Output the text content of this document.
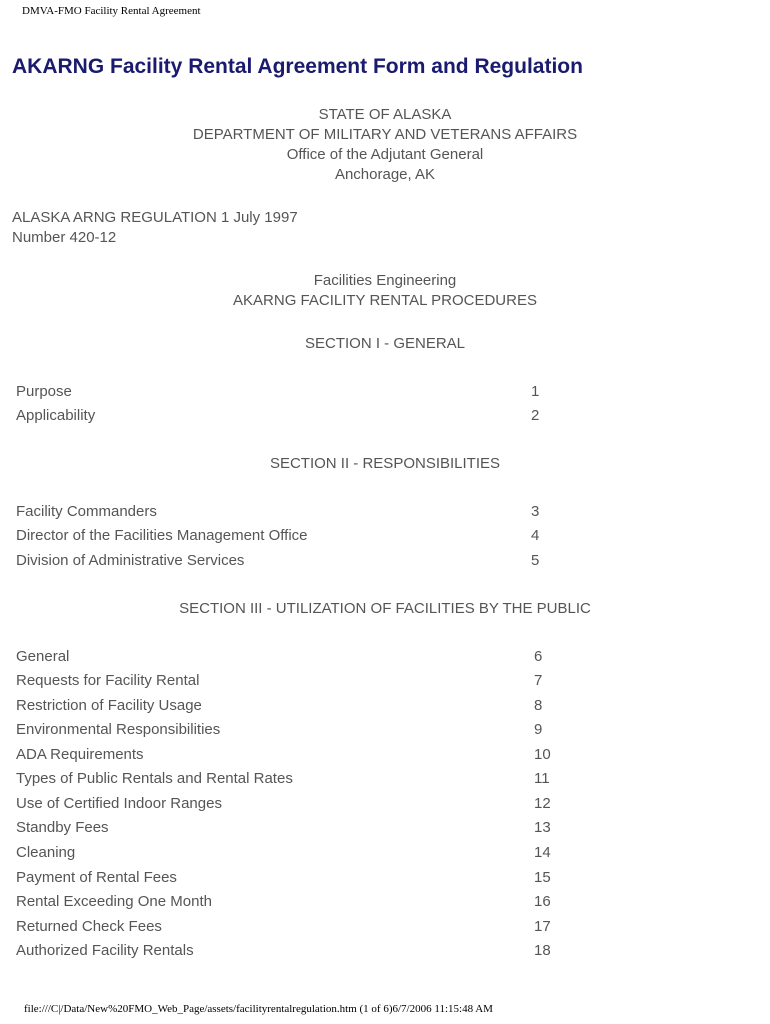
DMVA-FMO Facility Rental Agreement
AKARNG Facility Rental Agreement Form and Regulation
STATE OF ALASKA
DEPARTMENT OF MILITARY AND VETERANS AFFAIRS
Office of the Adjutant General
Anchorage, AK
ALASKA ARNG REGULATION 1 July 1997
Number 420-12
Facilities Engineering
AKARNG FACILITY RENTAL PROCEDURES
SECTION I - GENERAL
Purpose	1
Applicability	2
SECTION II - RESPONSIBILITIES
Facility Commanders	3
Director of the Facilities Management Office	4
Division of Administrative Services	5
SECTION III - UTILIZATION OF FACILITIES BY THE PUBLIC
General	6
Requests for Facility Rental	7
Restriction of Facility Usage	8
Environmental Responsibilities	9
ADA Requirements	10
Types of Public Rentals and Rental Rates	11
Use of Certified Indoor Ranges	12
Standby Fees	13
Cleaning	14
Payment of Rental Fees	15
Rental Exceeding One Month	16
Returned Check Fees	17
Authorized Facility Rentals	18
file:///C|/Data/New%20FMO_Web_Page/assets/facilityrentalregulation.htm (1 of 6)6/7/2006 11:15:48 AM
